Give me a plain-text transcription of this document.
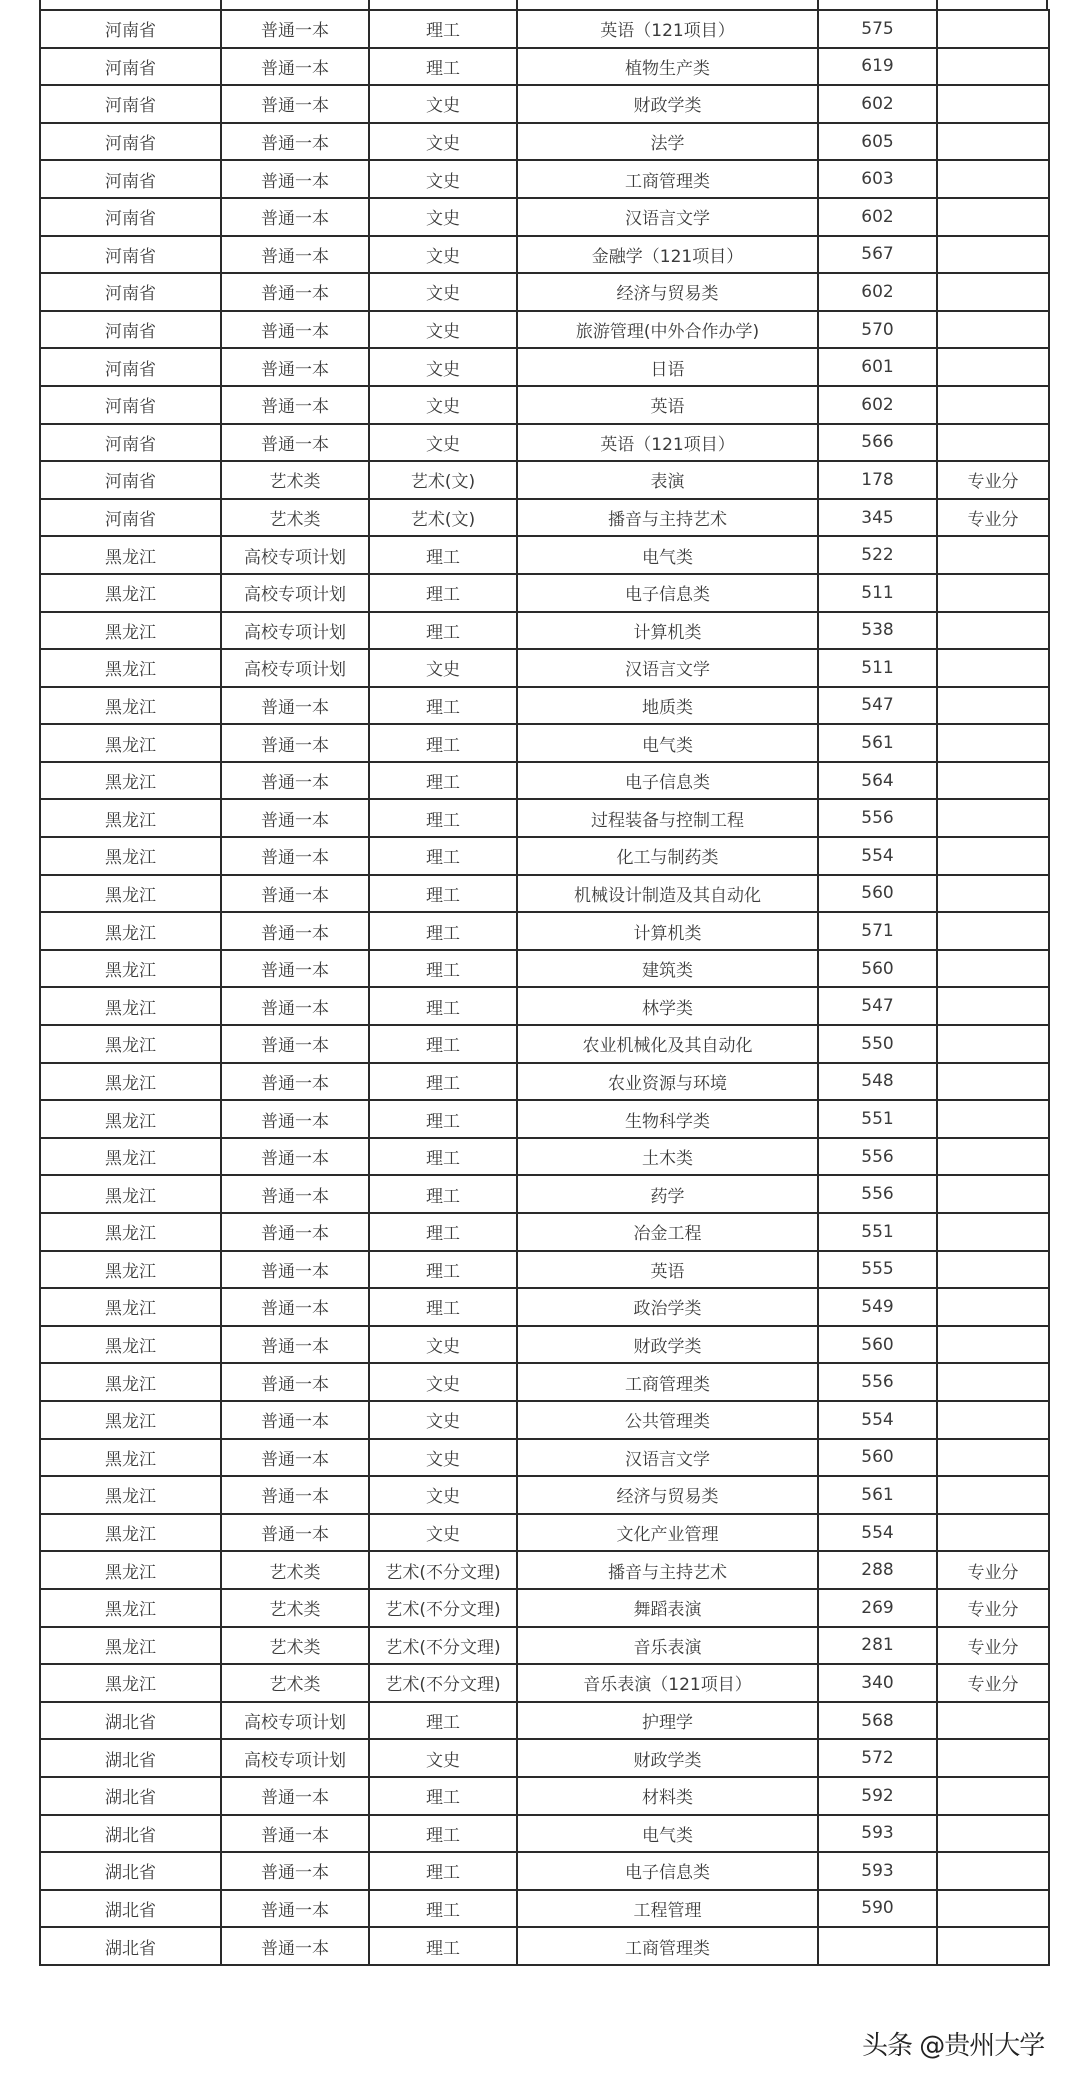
河南省	普通一本	理工	英语（121项目）	575	
河南省	普通一本	理工	植物生产类	619	
河南省	普通一本	文史	财政学类	602	
河南省	普通一本	文史	法学	605	
河南省	普通一本	文史	工商管理类	603	
河南省	普通一本	文史	汉语言文学	602	
河南省	普通一本	文史	金融学（121项目）	567	
河南省	普通一本	文史	经济与贸易类	602	
河南省	普通一本	文史	旅游管理(中外合作办学)	570	
河南省	普通一本	文史	日语	601	
河南省	普通一本	文史	英语	602	
河南省	普通一本	文史	英语（121项目）	566	
河南省	艺术类	艺术(文)	表演	178	专业分
河南省	艺术类	艺术(文)	播音与主持艺术	345	专业分
黑龙江	高校专项计划	理工	电气类	522	
黑龙江	高校专项计划	理工	电子信息类	511	
黑龙江	高校专项计划	理工	计算机类	538	
黑龙江	高校专项计划	文史	汉语言文学	511	
黑龙江	普通一本	理工	地质类	547	
黑龙江	普通一本	理工	电气类	561	
黑龙江	普通一本	理工	电子信息类	564	
黑龙江	普通一本	理工	过程装备与控制工程	556	
黑龙江	普通一本	理工	化工与制药类	554	
黑龙江	普通一本	理工	机械设计制造及其自动化	560	
黑龙江	普通一本	理工	计算机类	571	
黑龙江	普通一本	理工	建筑类	560	
黑龙江	普通一本	理工	林学类	547	
黑龙江	普通一本	理工	农业机械化及其自动化	550	
黑龙江	普通一本	理工	农业资源与环境	548	
黑龙江	普通一本	理工	生物科学类	551	
黑龙江	普通一本	理工	土木类	556	
黑龙江	普通一本	理工	药学	556	
黑龙江	普通一本	理工	冶金工程	551	
黑龙江	普通一本	理工	英语	555	
黑龙江	普通一本	理工	政治学类	549	
黑龙江	普通一本	文史	财政学类	560	
黑龙江	普通一本	文史	工商管理类	556	
黑龙江	普通一本	文史	公共管理类	554	
黑龙江	普通一本	文史	汉语言文学	560	
黑龙江	普通一本	文史	经济与贸易类	561	
黑龙江	普通一本	文史	文化产业管理	554	
黑龙江	艺术类	艺术(不分文理)	播音与主持艺术	288	专业分
黑龙江	艺术类	艺术(不分文理)	舞蹈表演	269	专业分
黑龙江	艺术类	艺术(不分文理)	音乐表演	281	专业分
黑龙江	艺术类	艺术(不分文理)	音乐表演（121项目）	340	专业分
湖北省	高校专项计划	理工	护理学	568	
湖北省	高校专项计划	文史	财政学类	572	
湖北省	普通一本	理工	材料类	592	
湖北省	普通一本	理工	电气类	593	
湖北省	普通一本	理工	电子信息类	593	
湖北省	普通一本	理工	工程管理	590	
湖北省	普通一本	理工	工商管理类		
头条 @贵州大学
